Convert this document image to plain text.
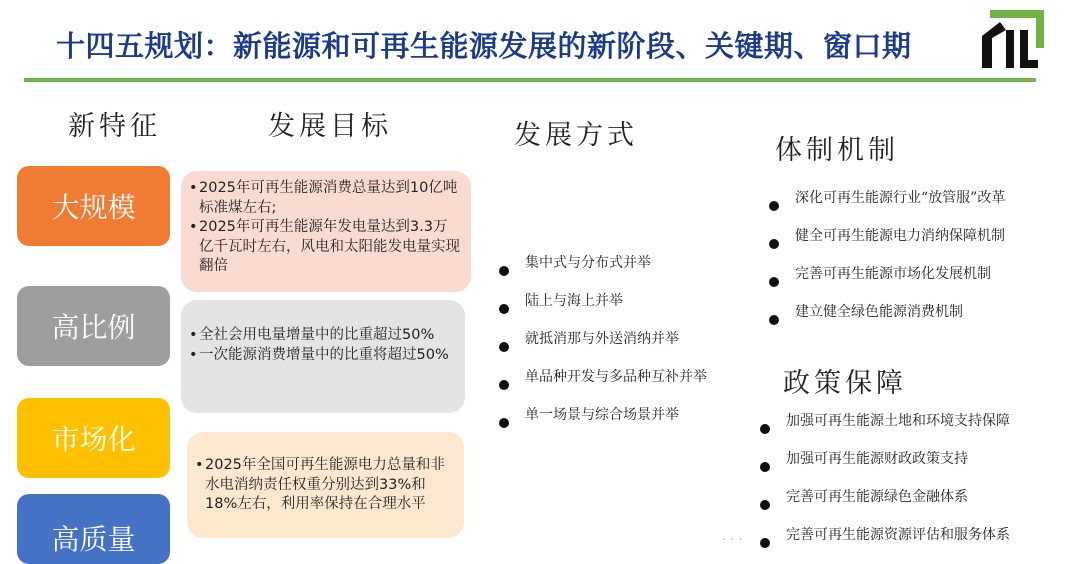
十四五规划：新能源和可再生能源发展的新阶段、关键期、窗口期
新特征	发展目标	发展方式	体制机制
政策保障
大规模
高比例
市场化
高质量
• 2025年可再生能源消费总量达到10亿吨标准煤左右;
• 2025年可再生能源年发电量达到3.3万亿千瓦时左右，风电和太阳能发电量实现翻倍
• 全社会用电量增量中的比重超过50%
• 一次能源消费增量中的比重将超过50%
• 2025年全国可再生能源电力总量和非水电消纳责任权重分别达到33%和18%左右，利用率保持在合理水平
集中式与分布式并举
陆上与海上并举
就抵消那与外送消纳并举
单品种开发与多品种互补并举
单一场景与综合场景并举
深化可再生能源行业“放管服”改革
健全可再生能源电力消纳保障机制
完善可再生能源市场化发展机制
建立健全绿色能源消费机制
加强可再生能源土地和环境支持保障
加强可再生能源财政政策支持
完善可再生能源绿色金融体系
完善可再生能源资源评估和服务体系
· · ·
